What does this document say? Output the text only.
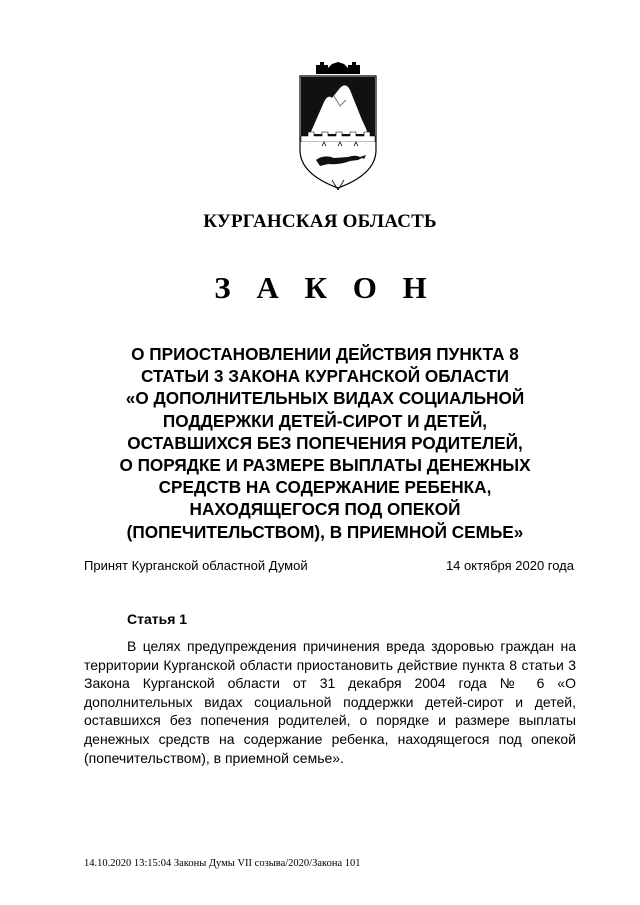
КУРГАНСКАЯ ОБЛАСТЬ
З А К О Н
О ПРИОСТАНОВЛЕНИИ ДЕЙСТВИЯ ПУНКТА 8
СТАТЬИ 3 ЗАКОНА КУРГАНСКОЙ ОБЛАСТИ
«О ДОПОЛНИТЕЛЬНЫХ ВИДАХ СОЦИАЛЬНОЙ
ПОДДЕРЖКИ ДЕТЕЙ-СИРОТ И ДЕТЕЙ,
ОСТАВШИХСЯ БЕЗ ПОПЕЧЕНИЯ РОДИТЕЛЕЙ,
О ПОРЯДКЕ И РАЗМЕРЕ ВЫПЛАТЫ ДЕНЕЖНЫХ
СРЕДСТВ НА СОДЕРЖАНИЕ РЕБЕНКА,
НАХОДЯЩЕГОСЯ ПОД ОПЕКОЙ
(ПОПЕЧИТЕЛЬСТВОМ), В ПРИЕМНОЙ СЕМЬЕ»
Принят Курганской областной Думой	14 октября 2020 года
Статья 1

В целях предупреждения причинения вреда здоровью граждан на территории Курганской области приостановить действие пункта 8 статьи 3 Закона Курганской области от 31 декабря 2004 года № 6 «О дополнительных видах социальной поддержки детей-сирот и детей, оставшихся без попечения родителей, о порядке и размере выплаты денежных средств на содержание ребенка, находящегося под опекой (попечительством), в приемной семье».

14.10.2020 13:15:04 Законы Думы VII созыва/2020/Закона 101
